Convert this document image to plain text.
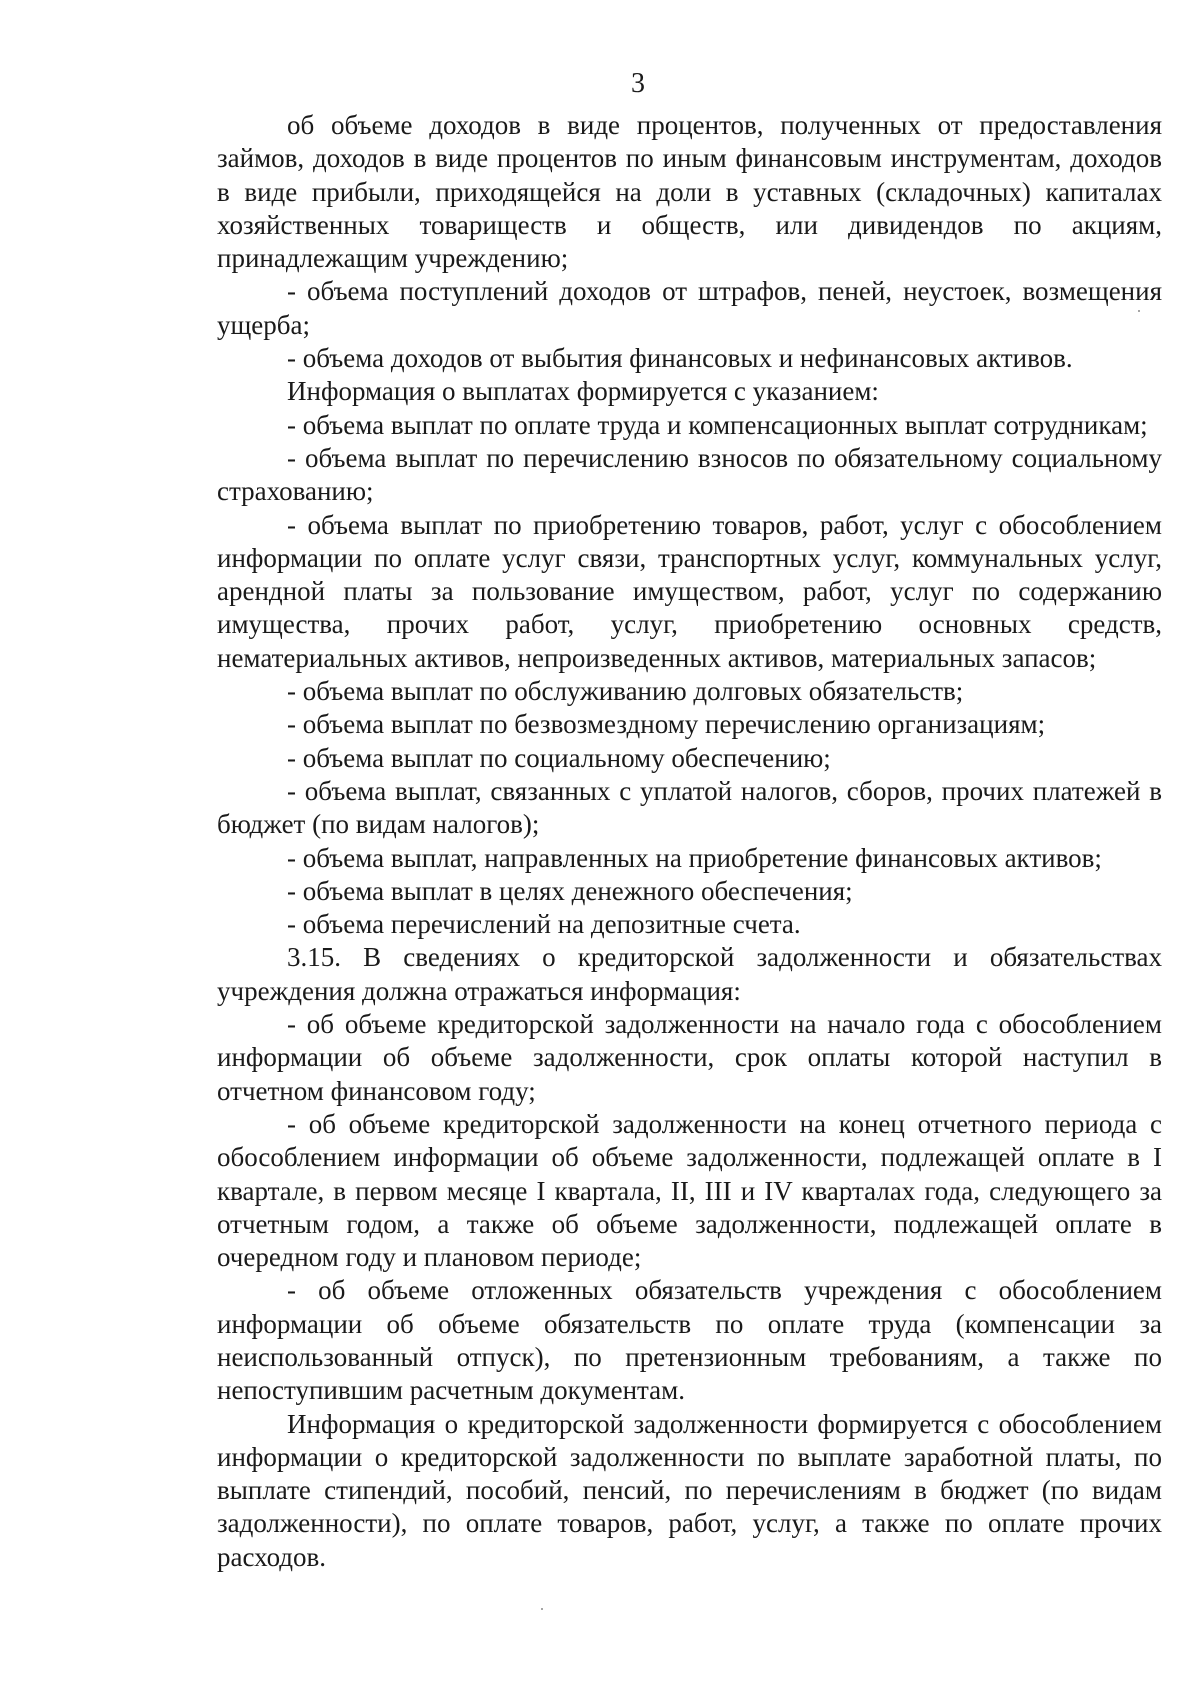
3

об объеме доходов в виде процентов, полученных от предоставления займов, доходов в виде процентов по иным финансовым инструментам, доходов в виде прибыли, приходящейся на доли в уставных (складочных) капиталах хозяйственных товариществ и обществ, или дивидендов по акциям, принадлежащим учреждению;

- объема поступлений доходов от штрафов, пеней, неустоек, возмещения ущерба;

- объема доходов от выбытия финансовых и нефинансовых активов.

Информация о выплатах формируется с указанием:

- объема выплат по оплате труда и компенсационных выплат сотрудникам;

- объема выплат по перечислению взносов по обязательному социальному страхованию;

- объема выплат по приобретению товаров, работ, услуг с обособлением информации по оплате услуг связи, транспортных услуг, коммунальных услуг, арендной платы за пользование имуществом, работ, услуг по содержанию имущества, прочих работ, услуг, приобретению основных средств, нематериальных активов, непроизведенных активов, материальных запасов;

- объема выплат по обслуживанию долговых обязательств;

- объема выплат по безвозмездному перечислению организациям;

- объема выплат по социальному обеспечению;

- объема выплат, связанных с уплатой налогов, сборов, прочих платежей в бюджет (по видам налогов);

- объема выплат, направленных на приобретение финансовых активов;

- объема выплат в целях денежного обеспечения;

- объема перечислений на депозитные счета.

3.15. В сведениях о кредиторской задолженности и обязательствах учреждения должна отражаться информация:

- об объеме кредиторской задолженности на начало года с обособлением информации об объеме задолженности, срок оплаты которой наступил в отчетном финансовом году;

- об объеме кредиторской задолженности на конец отчетного периода с обособлением информации об объеме задолженности, подлежащей оплате в I квартале, в первом месяце I квартала, II, III и IV кварталах года, следующего за отчетным годом, а также об объеме задолженности, подлежащей оплате в очередном году и плановом периоде;

- об объеме отложенных обязательств учреждения с обособлением информации об объеме обязательств по оплате труда (компенсации за неиспользованный отпуск), по претензионным требованиям, а также по непоступившим расчетным документам.

Информация о кредиторской задолженности формируется с обособлением информации о кредиторской задолженности по выплате заработной платы, по выплате стипендий, пособий, пенсий, по перечислениям в бюджет (по видам задолженности), по оплате товаров, работ, услуг, а также по оплате прочих расходов.
